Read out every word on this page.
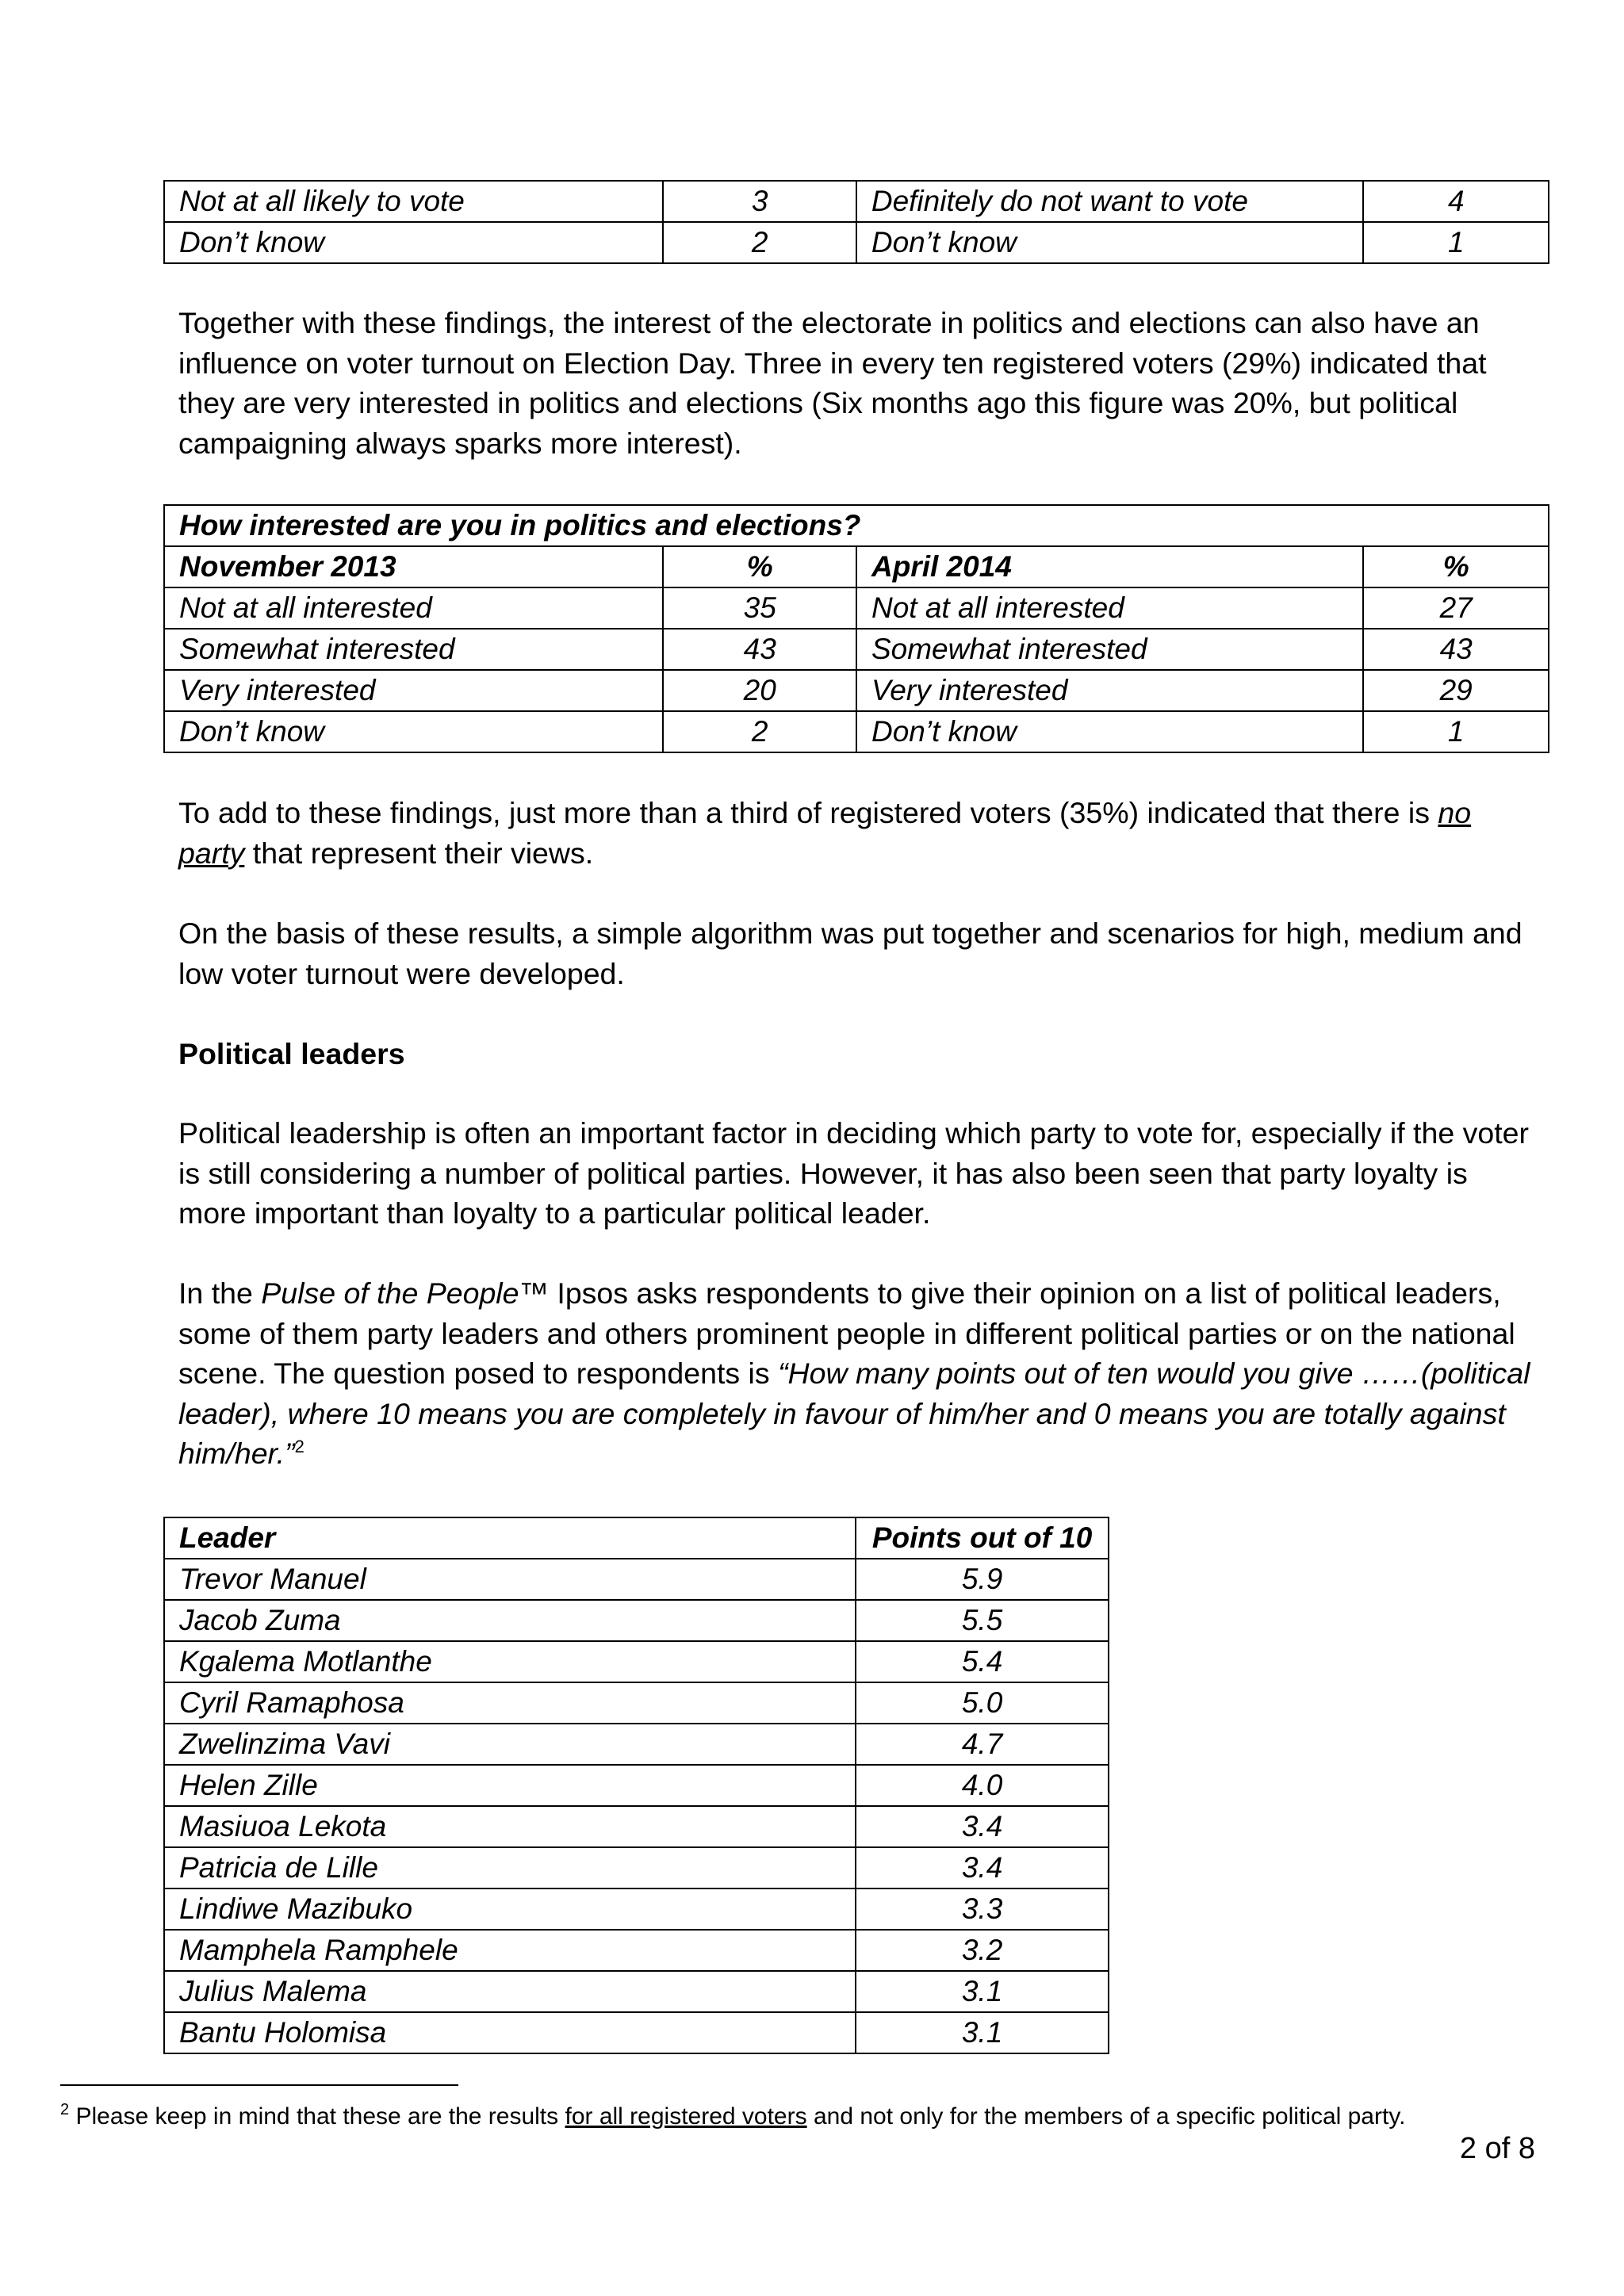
Not at all likely to vote	3	Definitely do not want to vote	4
Don’t know	2	Don’t know	1

Together with these findings, the interest of the electorate in politics and elections can also have an influence on voter turnout on Election Day. Three in every ten registered voters (29%) indicated that they are very interested in politics and elections (Six months ago this figure was 20%, but political campaigning always sparks more interest).

How interested are you in politics and elections?			
November 2013	%	April 2014	%
Not at all interested	35	Not at all interested	27
Somewhat interested	43	Somewhat interested	43
Very interested	20	Very interested	29
Don’t know	2	Don’t know	1

To add to these findings, just more than a third of registered voters (35%) indicated that there is no party that represent their views.

On the basis of these results, a simple algorithm was put together and scenarios for high, medium and low voter turnout were developed.

Political leaders

Political leadership is often an important factor in deciding which party to vote for, especially if the voter is still considering a number of political parties. However, it has also been seen that party loyalty is more important than loyalty to a particular political leader.

In the Pulse of the People™ Ipsos asks respondents to give their opinion on a list of political leaders, some of them party leaders and others prominent people in different political parties or on the national scene. The question posed to respondents is “How many points out of ten would you give ……(political leader), where 10 means you are completely in favour of him/her and 0 means you are totally against him/her.”$^2$

Leader	Points out of 10
Trevor Manuel	5.9
Jacob Zuma	5.5
Kgalema Motlanthe	5.4
Cyril Ramaphosa	5.0
Zwelinzima Vavi	4.7
Helen Zille	4.0
Masiuoa Lekota	3.4
Patricia de Lille	3.4
Lindiwe Mazibuko	3.3
Mamphela Ramphele	3.2
Julius Malema	3.1
Bantu Holomisa	3.1
$^2$ Please keep in mind that these are the results for all registered voters and not only for the members of a specific political party.
2 of 8
